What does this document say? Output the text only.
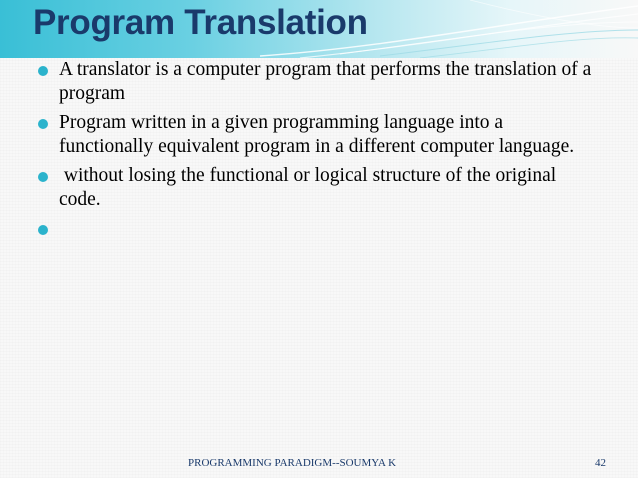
Program Translation
A translator is a computer program that performs the translation of a program
Program written in a given programming language into a functionally equivalent program in a different computer language.
without losing the functional or logical structure of the original code.
PROGRAMMING PARADIGM--SOUMYA K	42
